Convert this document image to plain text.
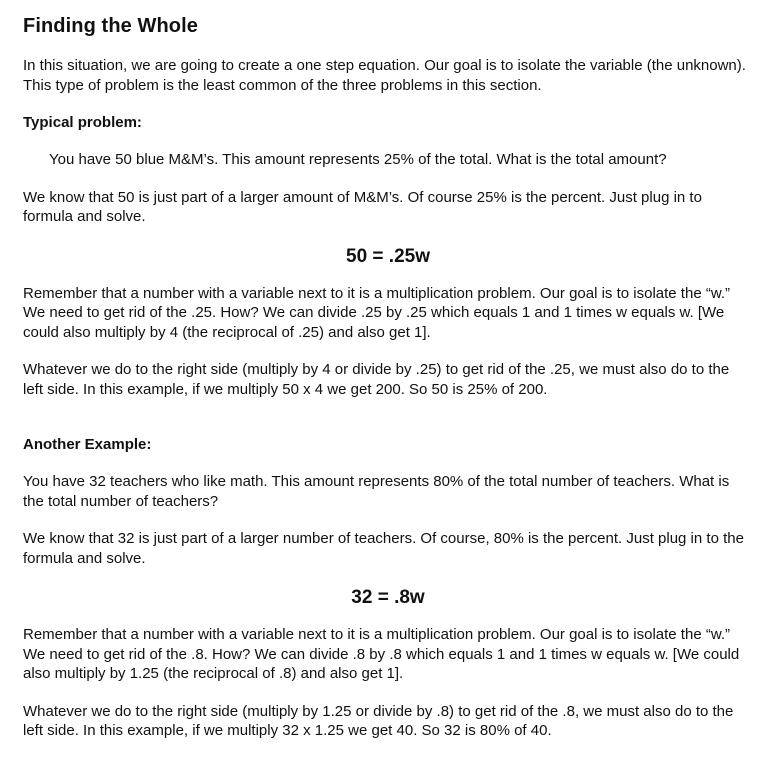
Finding the Whole

In this situation, we are going to create a one step equation. Our goal is to isolate the variable (the unknown). This type of problem is the least common of the three problems in this section.

Typical problem:

You have 50 blue M&M’s. This amount represents 25% of the total. What is the total amount?

We know that 50 is just part of a larger amount of M&M’s. Of course 25% is the percent. Just plug in to formula and solve.

50 = .25w

Remember that a number with a variable next to it is a multiplication problem. Our goal is to isolate the “w.” We need to get rid of the .25. How? We can divide .25 by .25 which equals 1 and 1 times w equals w. [We could also multiply by 4 (the reciprocal of .25) and also get 1].

Whatever we do to the right side (multiply by 4 or divide by .25) to get rid of the .25, we must also do to the left side. In this example, if we multiply 50 x 4 we get 200. So 50 is 25% of 200.

Another Example:

You have 32 teachers who like math. This amount represents 80% of the total number of teachers. What is the total number of teachers?

We know that 32 is just part of a larger number of teachers. Of course, 80% is the percent. Just plug in to the formula and solve.

32 = .8w

Remember that a number with a variable next to it is a multiplication problem. Our goal is to isolate the “w.” We need to get rid of the .8. How? We can divide .8 by .8 which equals 1 and 1 times w equals w. [We could also multiply by 1.25 (the reciprocal of .8) and also get 1].

Whatever we do to the right side (multiply by 1.25 or divide by .8) to get rid of the .8, we must also do to the left side. In this example, if we multiply 32 x 1.25 we get 40. So 32 is 80% of 40.
